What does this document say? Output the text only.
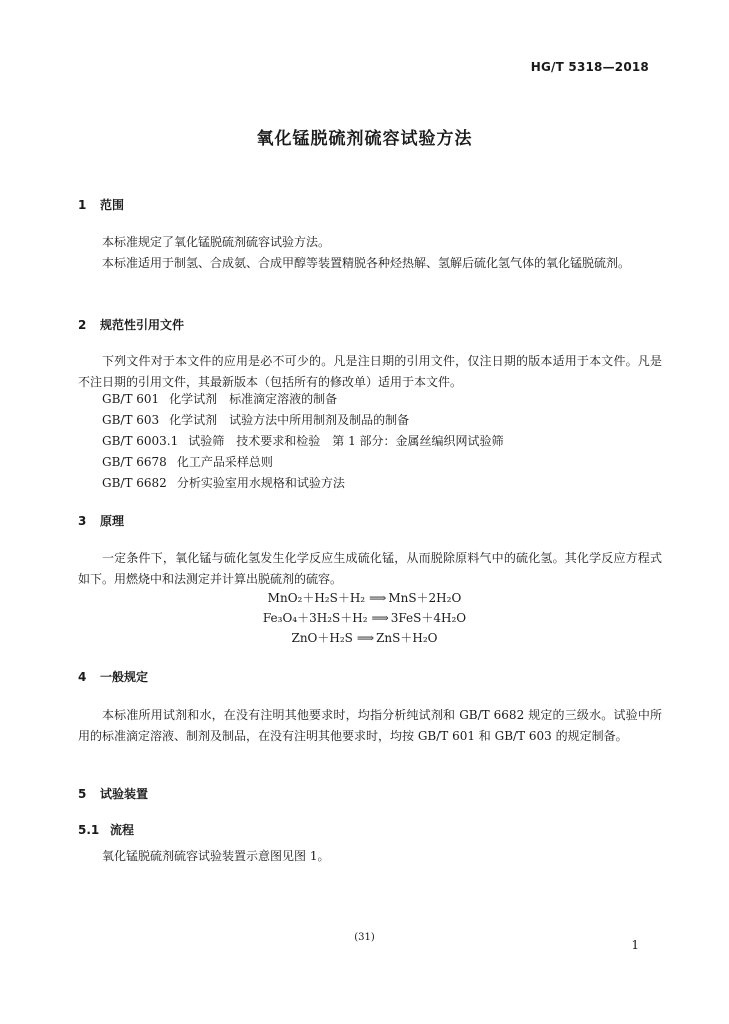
HG/T 5318—2018
氧化锰脱硫剂硫容试验方法
1 范围
本标准规定了氧化锰脱硫剂硫容试验方法。
本标准适用于制氢、合成氨、合成甲醇等装置精脱各种烃热解、氢解后硫化氢气体的氧化锰脱硫剂。
2 规范性引用文件
下列文件对于本文件的应用是必不可少的。凡是注日期的引用文件，仅注日期的版本适用于本文件。凡是不注日期的引用文件，其最新版本（包括所有的修改单）适用于本文件。
GB/T 601 化学试剂　标准滴定溶液的制备
GB/T 603 化学试剂　试验方法中所用制剂及制品的制备
GB/T 6003.1 试验筛　技术要求和检验　第 1 部分：金属丝编织网试验筛
GB/T 6678 化工产品采样总则
GB/T 6682 分析实验室用水规格和试验方法
3 原理
一定条件下，氧化锰与硫化氢发生化学反应生成硫化锰，从而脱除原料气中的硫化氢。其化学反应方程式如下。用燃烧中和法测定并计算出脱硫剂的硫容。
MnO₂＋H₂S＋H₂ ⟹ MnS＋2H₂O
Fe₃O₄＋3H₂S＋H₂ ⟹ 3FeS＋4H₂O
ZnO＋H₂S ⟹ ZnS＋H₂O
4 一般规定
本标准所用试剂和水，在没有注明其他要求时，均指分析纯试剂和 GB/T 6682 规定的三级水。试验中所用的标准滴定溶液、制剂及制品，在没有注明其他要求时，均按 GB/T 601 和 GB/T 603 的规定制备。
5 试验装置
5.1 流程
氧化锰脱硫剂硫容试验装置示意图见图 1。
(31)
1
